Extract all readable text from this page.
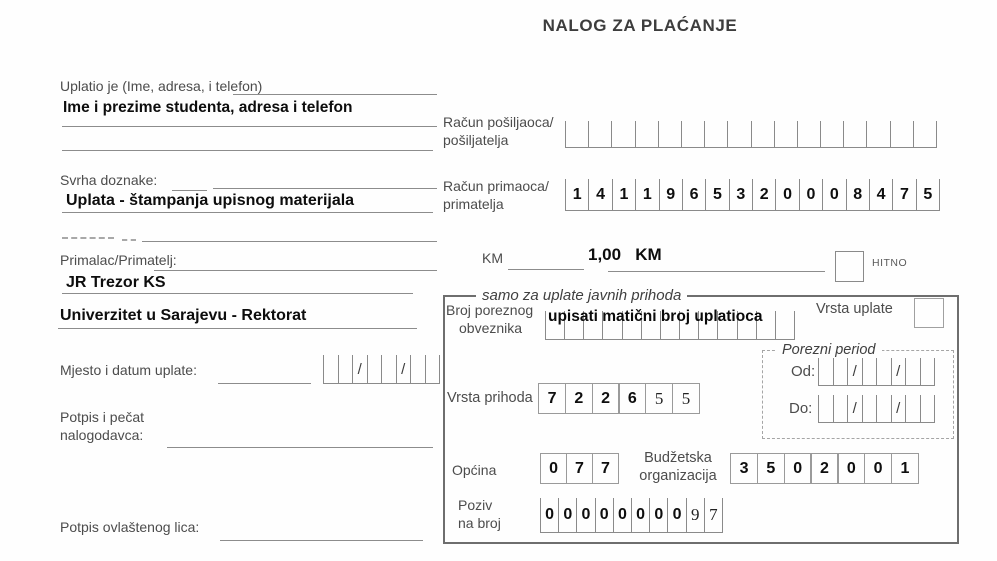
NALOG ZA PLAĆANJE
Uplatio je (Ime, adresa, i telefon)
Ime i prezime studenta, adresa i telefon
Svrha doznake:
Uplata - štampanja upisnog materijala
Primalac/Primatelj:
JR Trezor KS
Univerzitet u Sarajevu - Rektorat
Mjesto i datum uplate:	/	/
Potpis i pečat
nalogodavca:
Potpis ovlaštenog lica:
Račun pošiljaoca/
pošiljatelja
Račun primaoca/
primatelja
1 4 1 1 9 6 5 3 2 0 0 0 8 4 7 5
KM	1,00   KM	HITNO
samo za uplate javnih prihoda
Broj poreznog
obveznika
upisati matični broj uplatioca	Vrsta uplate
Porezni period
Od:	/	/
Do:	/	/
Vrsta prihoda 7	2	2	6	5	5
Općina	0	7	7
Budžetska
organizacija	3	5	0	2	0	0	1
Poziv
na broj	0 0 0 0 0 0 0 0 9 7
